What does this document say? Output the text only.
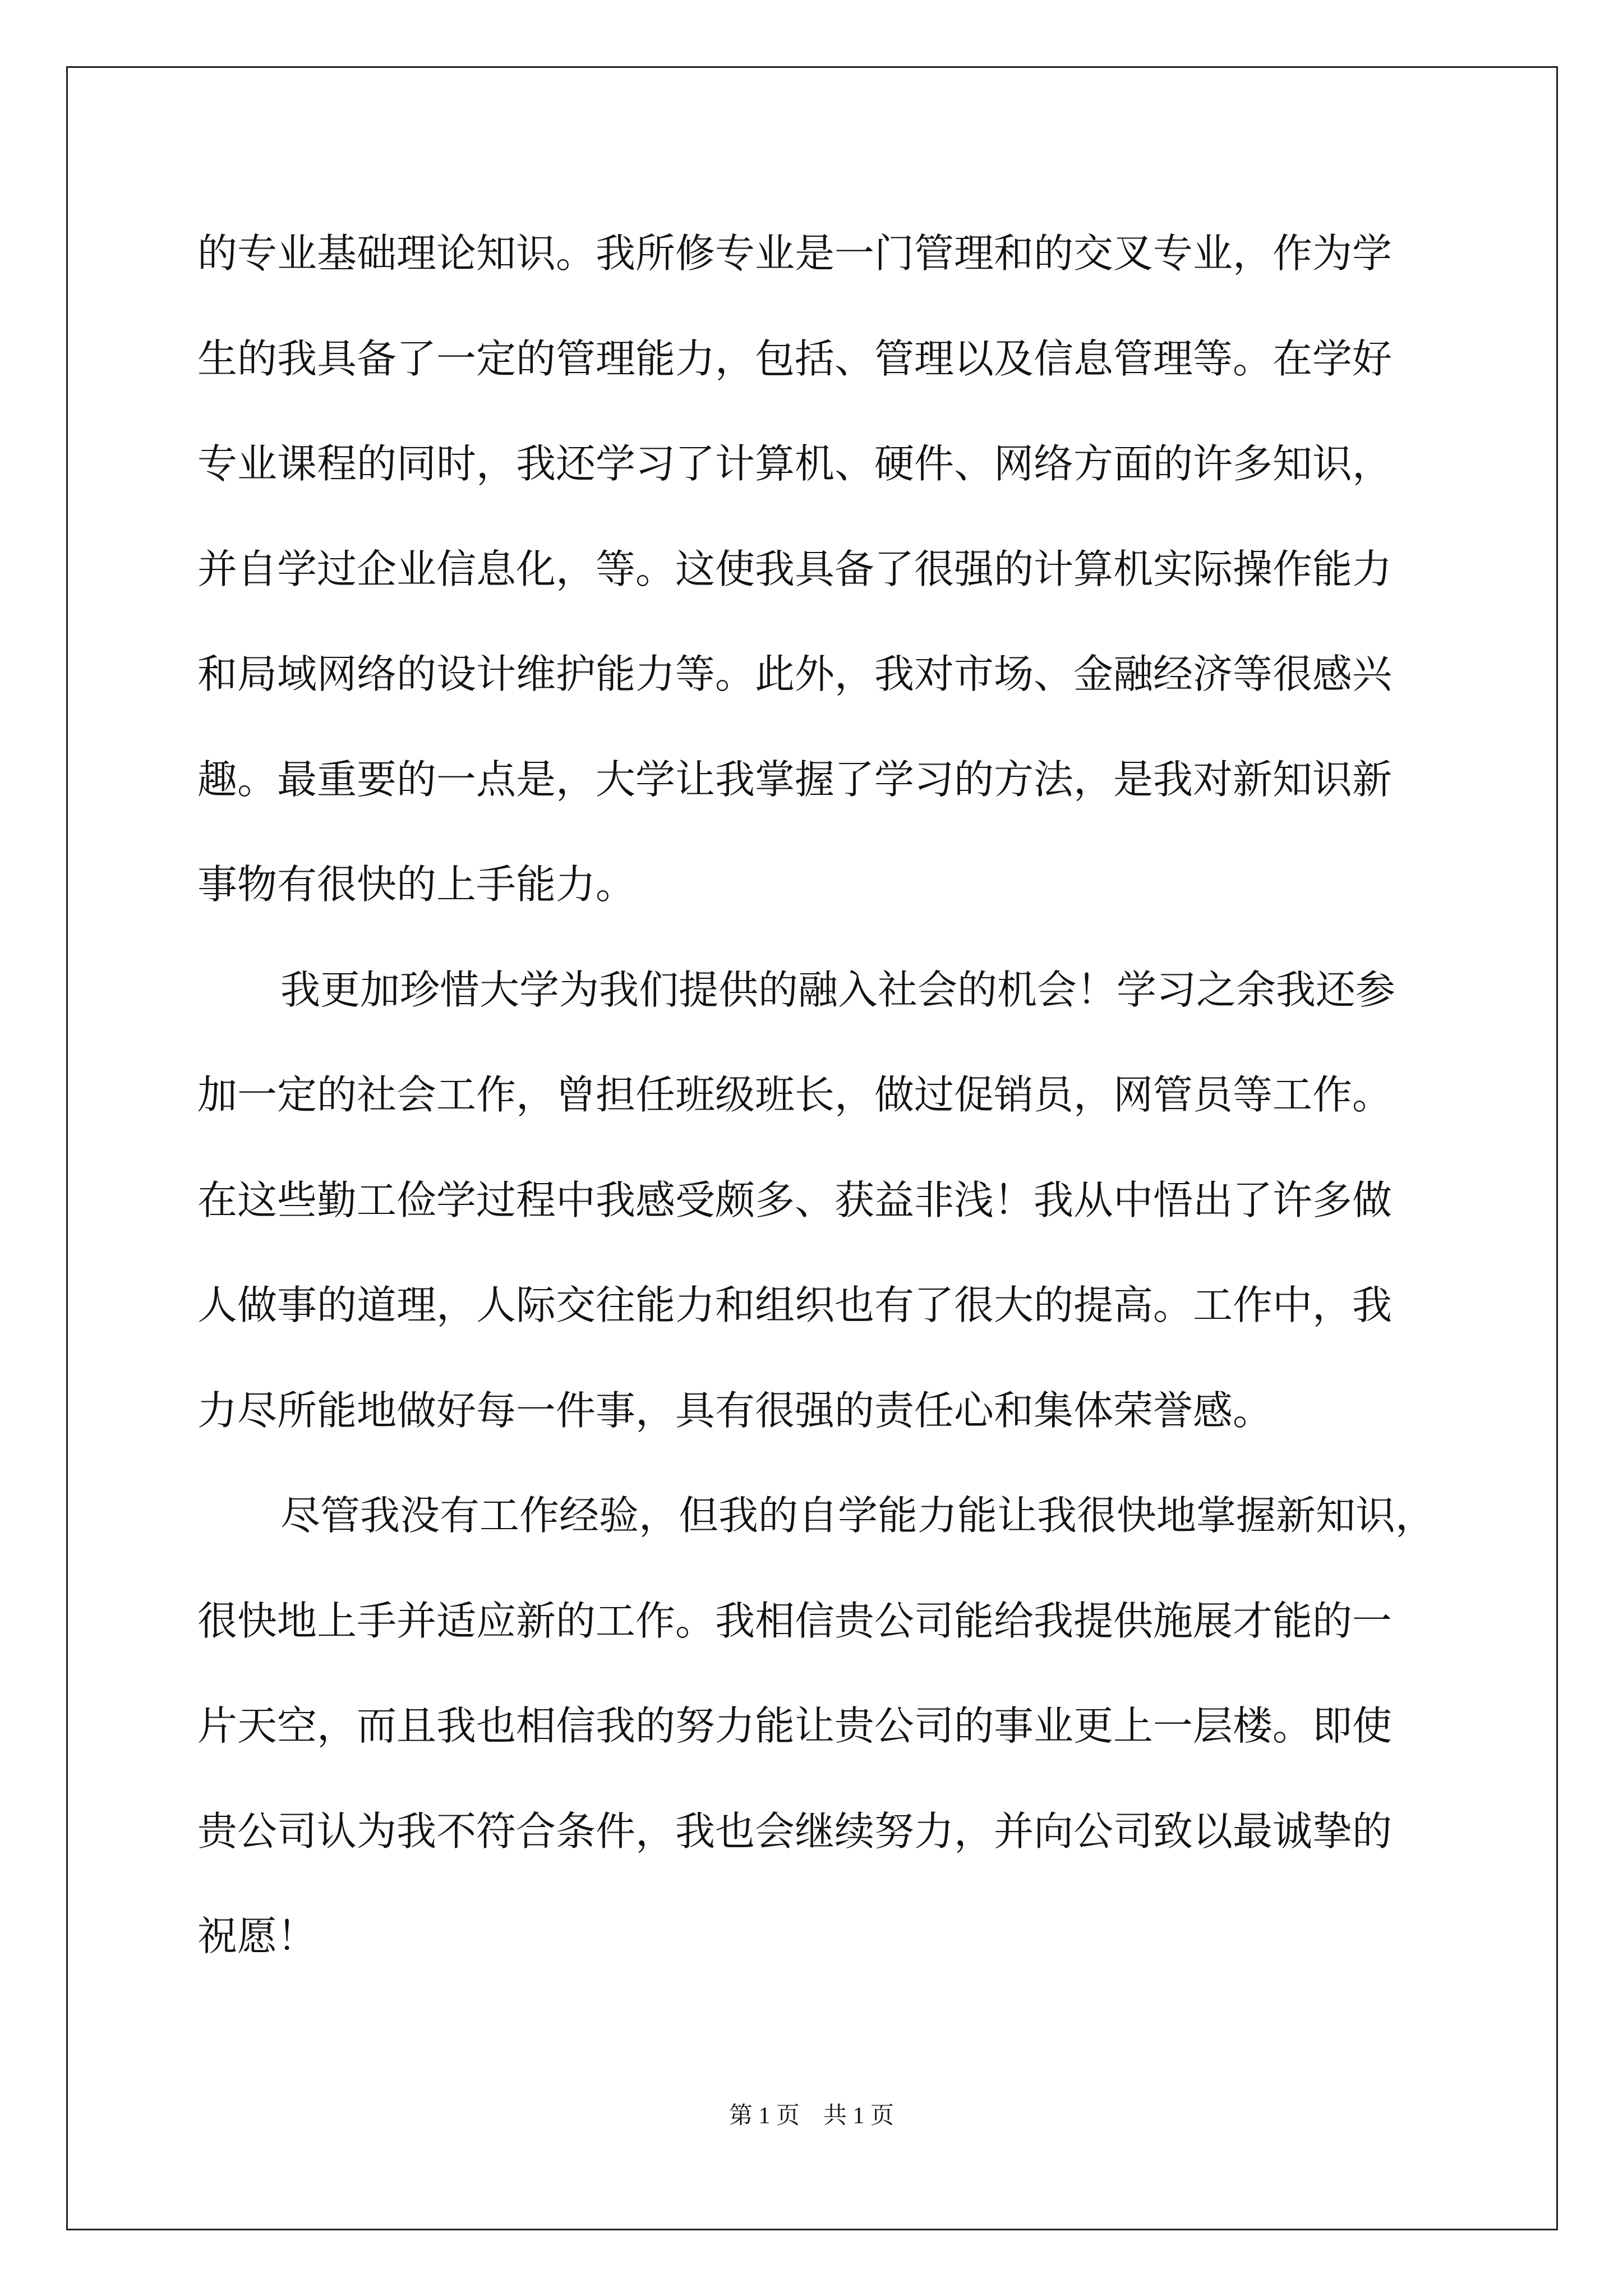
的专业基础理论知识。我所修专业是一门管理和的交叉专业，作为学
生的我具备了一定的管理能力，包括、管理以及信息管理等。在学好
专业课程的同时，我还学习了计算机、硬件、网络方面的许多知识，
并自学过企业信息化，等。这使我具备了很强的计算机实际操作能力
和局域网络的设计维护能力等。此外，我对市场、金融经济等很感兴
趣。最重要的一点是，大学让我掌握了学习的方法，是我对新知识新
事物有很快的上手能力。
我更加珍惜大学为我们提供的融入社会的机会！学习之余我还参
加一定的社会工作，曾担任班级班长，做过促销员，网管员等工作。
在这些勤工俭学过程中我感受颇多、获益非浅！我从中悟出了许多做
人做事的道理，人际交往能力和组织也有了很大的提高。工作中，我
力尽所能地做好每一件事，具有很强的责任心和集体荣誉感。
尽管我没有工作经验，但我的自学能力能让我很快地掌握新知识，
很快地上手并适应新的工作。我相信贵公司能给我提供施展才能的一
片天空，而且我也相信我的努力能让贵公司的事业更上一层楼。即使
贵公司认为我不符合条件，我也会继续努力，并向公司致以最诚挚的
祝愿！
第 1 页　共 1 页
